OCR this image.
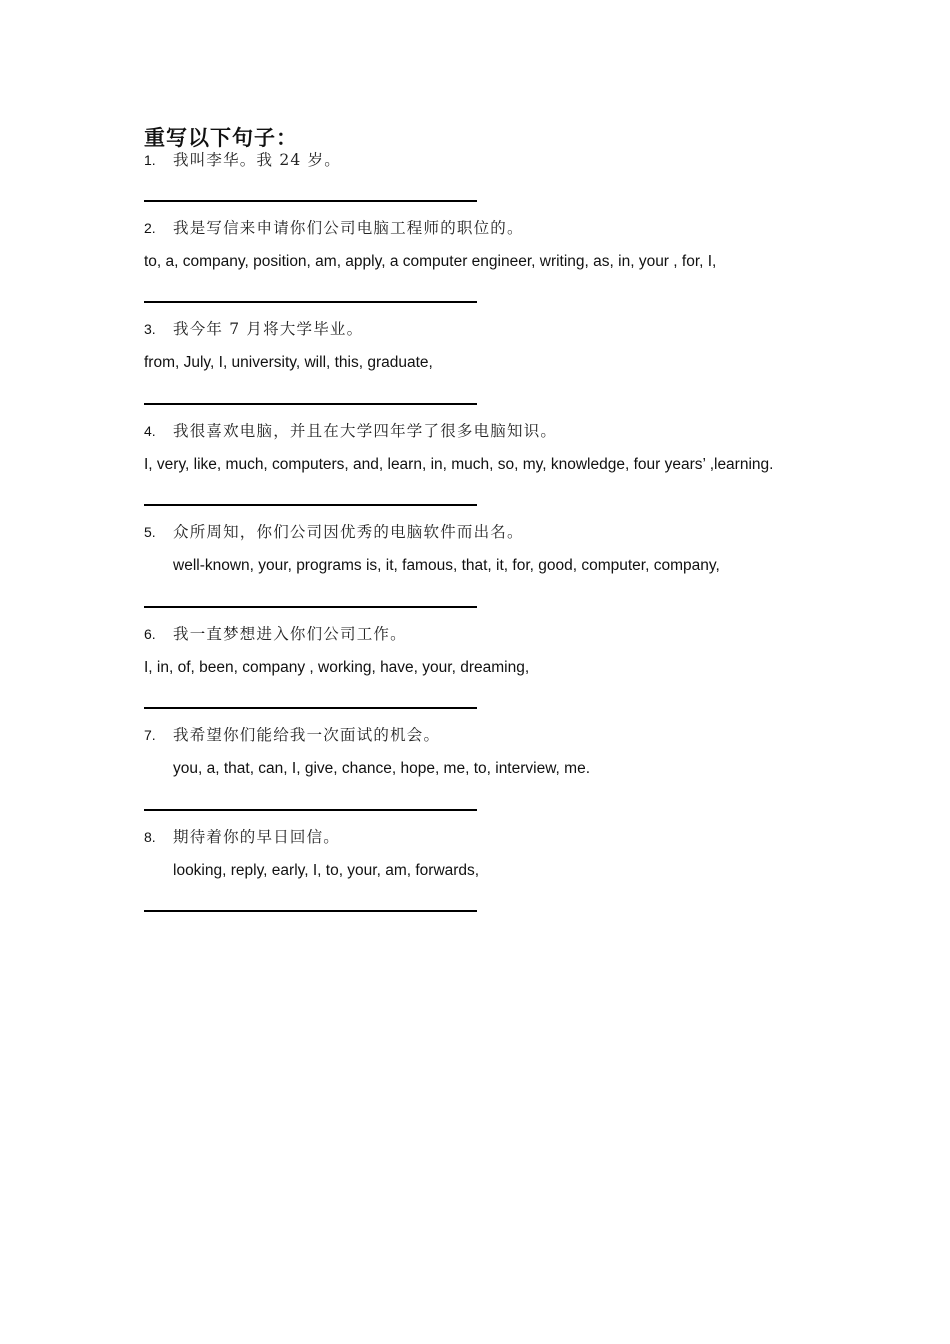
重写以下句子：
1.	我叫李华。我 24 岁。
2.	我是写信来申请你们公司电脑工程师的职位的。
to, a, company, position, am, apply, a computer engineer, writing, as, in, your , for, I,
3.	我今年 7 月将大学毕业。
from, July, I, university, will, this, graduate,
4.	我很喜欢电脑，并且在大学四年学了很多电脑知识。
I, very, like, much, computers, and, learn, in, much, so, my, knowledge, four years’ ,learning.
5.	众所周知，你们公司因优秀的电脑软件而出名。
well-known, your, programs is, it, famous, that, it, for, good, computer, company,
6.	我一直梦想进入你们公司工作。
I, in, of, been, company , working, have, your, dreaming,
7.	我希望你们能给我一次面试的机会。
you, a, that, can, I, give, chance, hope, me, to, interview, me.
8.	期待着你的早日回信。
looking, reply, early, I, to, your, am, forwards,
